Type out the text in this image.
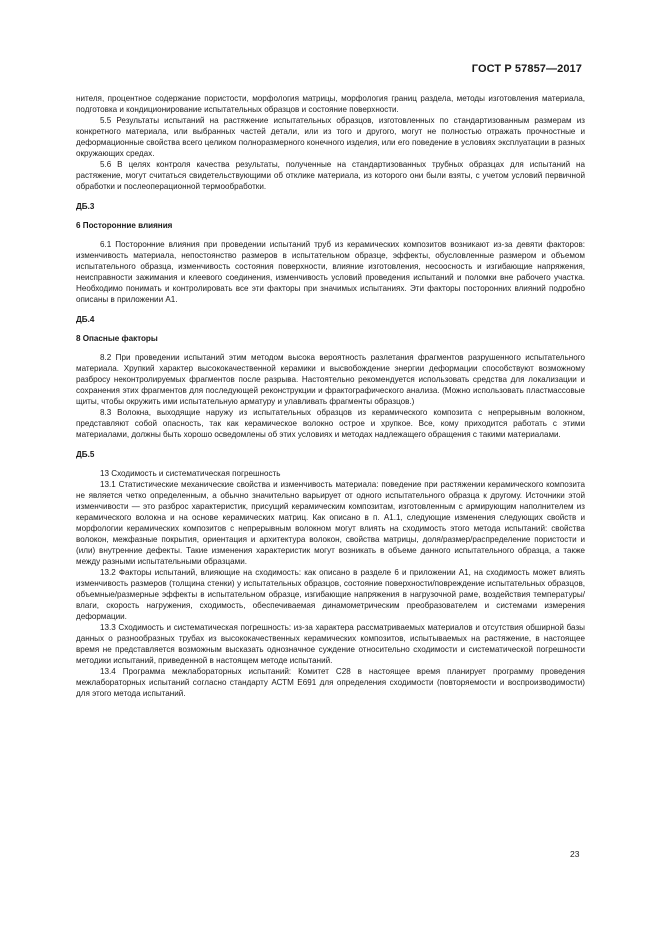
ГОСТ Р 57857—2017

нителя, процентное содержание пористости, морфология матрицы, морфология границ раздела, методы изготовления материала, подготовка и кондиционирование испытательных образцов и состояние поверхности.

5.5 Результаты испытаний на растяжение испытательных образцов, изготовленных по стандартизованным размерам из конкретного материала, или выбранных частей детали, или из того и другого, могут не полностью отражать прочностные и деформационные свойства всего целиком полноразмерного конечного изделия, или его поведение в условиях эксплуатации в разных окружающих средах.

5.6 В целях контроля качества результаты, полученные на стандартизованных трубных образцах для испытаний на растяжение, могут считаться свидетельствующими об отклике материала, из которого они были взяты, с учетом условий первичной обработки и послеоперационной термообработки.

ДБ.3

6 Посторонние влияния

6.1 Посторонние влияния при проведении испытаний труб из керамических композитов возникают из-за девяти факторов: изменчивость материала, непостоянство размеров в испытательном образце, эффекты, обусловленные размером и объемом испытательного образца, изменчивость состояния поверхности, влияние изготовления, несоосность и изгибающие напряжения, неисправности зажимания и клеевого соединения, изменчивость условий проведения испытаний и поломки вне рабочего участка. Необходимо понимать и контролировать все эти факторы при значимых испытаниях. Эти факторы посторонних влияний подробно описаны в приложении А1.

ДБ.4

8 Опасные факторы

8.2 При проведении испытаний этим методом высока вероятность разлетания фрагментов разрушенного испытательного материала. Хрупкий характер высококачественной керамики и высвобождение энергии деформации способствуют возможному разбросу неконтролируемых фрагментов после разрыва. Настоятельно рекомендуется использовать средства для локализации и сохранения этих фрагментов для последующей реконструкции и фрактографического анализа. (Можно использовать пластмассовые щиты, чтобы окружить ими испытательную арматуру и улавливать фрагменты образцов.)

8.3 Волокна, выходящие наружу из испытательных образцов из керамического композита с непрерывным волокном, представляют собой опасность, так как керамическое волокно острое и хрупкое. Все, кому приходится работать с этими материалами, должны быть хорошо осведомлены об этих условиях и методах надлежащего обращения с такими материалами.

ДБ.5

13 Сходимость и систематическая погрешность

13.1 Статистические механические свойства и изменчивость материала: поведение при растяжении керамического композита не является четко определенным, а обычно значительно варьирует от одного испытательного образца к другому. Источники этой изменчивости — это разброс характеристик, присущий керамическим композитам, изготовленным с армирующим наполнителем из керамического волокна и на основе керамических матриц. Как описано в п. А1.1, следующие изменения следующих свойств и морфологии керамических композитов с непрерывным волокном могут влиять на сходимость этого метода испытаний: свойства волокон, межфазные покрытия, ориентация и архитектура волокон, свойства матрицы, доля/размер/распределение пористости и (или) внутренние дефекты. Такие изменения характеристик могут возникать в объеме данного испытательного образца, а также между разными испытательными образцами.

13.2 Факторы испытаний, влияющие на сходимость: как описано в разделе 6 и приложении А1, на сходимость может влиять изменчивость размеров (толщина стенки) у испытательных образцов, состояние поверхности/повреждение испытательных образцов, объемные/размерные эффекты в испытательном образце, изгибающие напряжения в нагрузочной раме, воздействия температуры/влаги, скорость нагружения, сходимость, обеспечиваемая динамометрическим преобразователем и системами измерения деформации.

13.3 Сходимость и систематическая погрешность: из-за характера рассматриваемых материалов и отсутствия обширной базы данных о разнообразных трубах из высококачественных керамических композитов, испытываемых на растяжение, в настоящее время не представляется возможным высказать однозначное суждение относительно сходимости и систематической погрешности методики испытаний, приведенной в настоящем методе испытаний.

13.4 Программа межлабораторных испытаний: Комитет С28 в настоящее время планирует программу проведения межлабораторных испытаний согласно стандарту АСТМ Е691 для определения сходимости (повторяемости и воспроизводимости) для этого метода испытаний.

23
